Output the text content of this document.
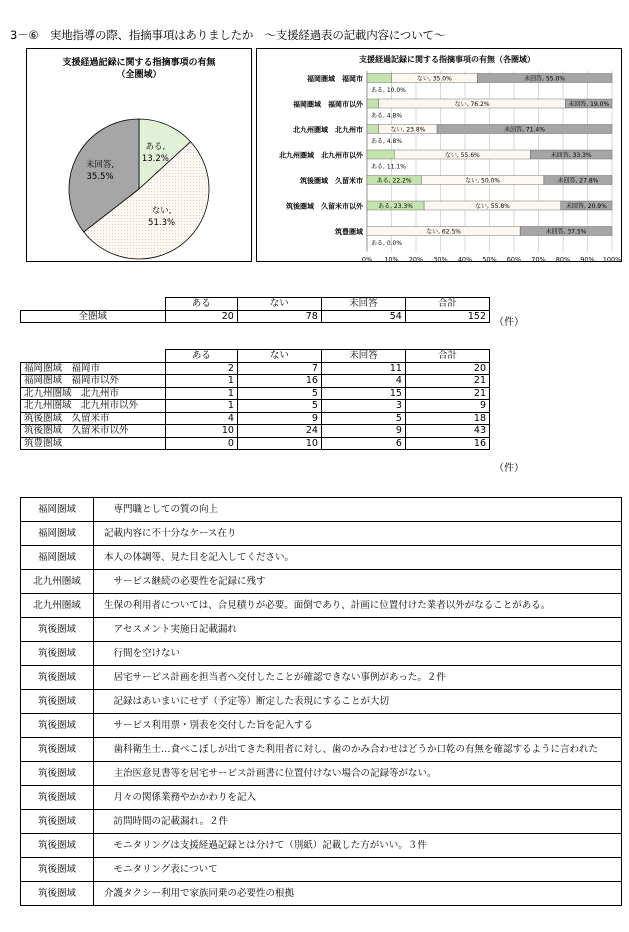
3－⑥　実地指導の際、指摘事項はありましたか　～支援経過表の記載内容について～
支援経過記録に関する指摘事項の有無
（全圏域）
ある,
13.2%
ない,
51.3%
未回答,
35.5%
支援経過記録に関する指摘事項の有無（各圏域）
福岡圏域　福岡市
福岡圏域　福岡市以外
北九州圏域　北九州市
北九州圏域　北九州市以外
筑後圏域　久留米市
筑後圏域　久留米市以外
筑豊圏域
ある, 10.0%
ない, 35.0%	未回答, 55.0%
ある, 4.8%
ない, 76.2%	未回答, 19.0%
ある, 4.8%
ない, 23.8%	未回答, 71.4%
ある, 11.1%
ない, 55.6%	未回答, 33.3%
ある, 22.2%	ない, 50.0%	未回答, 27.8%
ある, 23.3%	ない, 55.8%	未回答, 20.9%
ある, 0.0%
ない, 62.5%	未回答, 37.5%
0% 10% 20% 30% 40% 50% 60% 70% 80% 90% 100%
	ある	ない	未回答	合計
全圏域	20	78	54	152
（件）
	ある	ない	未回答	合計
福岡圏域　福岡市	2	7	11	20
福岡圏域　福岡市以外	1	16	4	21
北九州圏域　北九州市	1	5	15	21
北九州圏域　北九州市以外	1	5	3	9
筑後圏域　久留米市	4	9	5	18
筑後圏域　久留米市以外	10	24	9	43
筑豊圏域	0	10	6	16
（件）
福岡圏域	　専門職としての質の向上
福岡圏域	記載内容に不十分なケース在り
福岡圏域	本人の体調等、見た目を記入してください。
北九州圏域	　サービス継続の必要性を記録に残す
北九州圏域	生保の利用者については、合見積りが必要。面倒であり、計画に位置付けた業者以外がなることがある。
筑後圏域	　アセスメント実施日記載漏れ
筑後圏域	　行間を空けない
筑後圏域	　居宅サービス計画を担当者へ交付したことが確認できない事例があった。２件
筑後圏域	　記録はあいまいにせず（予定等）断定した表現にすることが大切
筑後圏域	　サービス利用票・別表を交付した旨を記入する
筑後圏域	　歯科衛生士…食べこぼしが出てきた利用者に対し、歯のかみ合わせはどうか口乾の有無を確認するように言われた
筑後圏域	　主治医意見書等を居宅サービス計画書に位置付けない場合の記録等がない。
筑後圏域	　月々の関係業務やかかわりを記入
筑後圏域	　訪問時間の記載漏れ。２件
筑後圏域	　モニタリングは支援経過記録とは分けて（別紙）記載した方がいい。３件
筑後圏域	　モニタリング表について
筑後圏域	介護タクシー利用で家族同乗の必要性の根拠
